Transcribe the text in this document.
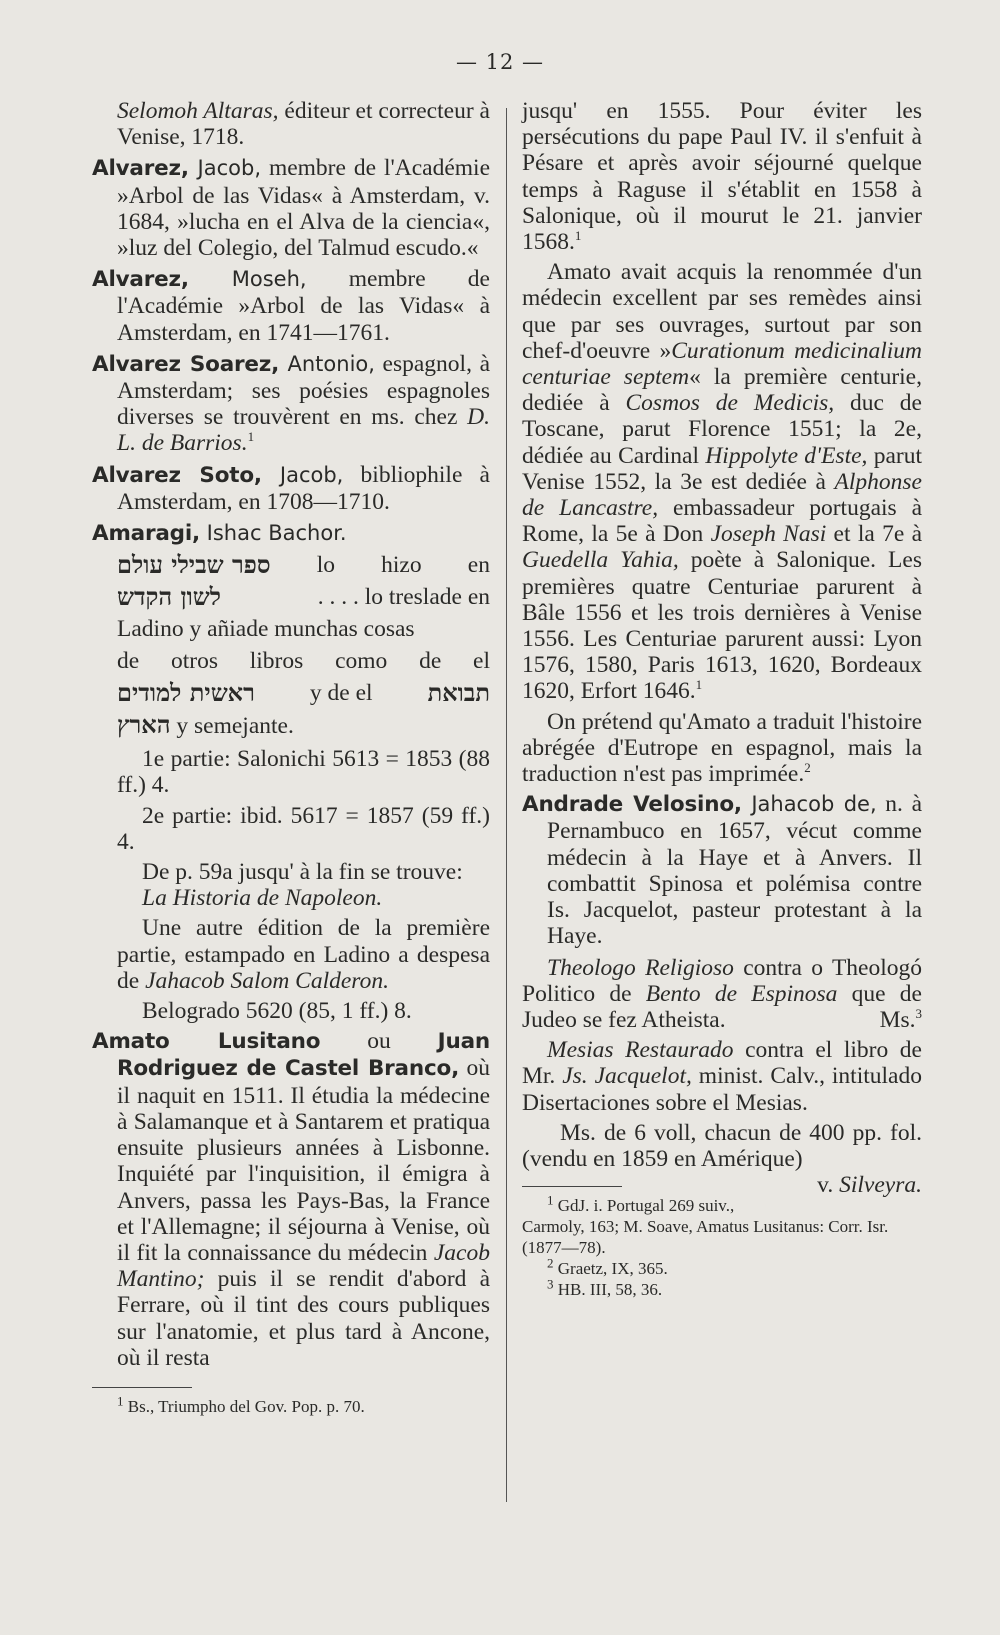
— 12 —

Selomoh Altaras, éditeur et correcteur à Venise, 1718.

Alvarez, Jacob, membre de l'Académie »Arbol de las Vidas« à Amsterdam, v. 1684, »lucha en el Alva de la ciencia«, »luz del Colegio, del Talmud escudo.«

Alvarez, Moseh, membre de l'Académie »Arbol de las Vidas« à Amsterdam, en 1741—1761.

Alvarez Soarez, Antonio, espagnol, à Amsterdam; ses poésies espagnoles diverses se trouvèrent en ms. chez D. L. de Barrios.$^1$

Alvarez Soto, Jacob, bibliophile à Amsterdam, en 1708—1710.

Amaragi, Ishac Bachor.

ספר שבילי עולם lo hizo en
לשון הקדש	. . . . lo treslade en
Ladino y añiade munchas cosas
de otros libros como de el
ראשית למודים y de el תבואת
הארץ y semejante.

1e partie: Salonichi 5613 = 1853 (88 ff.) 4.

2e partie: ibid. 5617 = 1857 (59 ff.) 4.

De p. 59a jusqu' à la fin se trouve:

La Historia de Napoleon.

Une autre édition de la première partie, estampado en Ladino a despesa de Jahacob Salom Calderon.

Belogrado 5620 (85, 1 ff.) 8.

Amato Lusitano ou Juan Rodriguez de Castel Branco, où il naquit en 1511. Il étudia la médecine à Salamanque et à Santarem et pratiqua ensuite plusieurs années à Lisbonne. Inquiété par l'inquisition, il émigra à Anvers, passa les Pays-Bas, la France et l'Allemagne; il séjourna à Venise, où il fit la connaissance du médecin Jacob Mantino; puis il se rendit d'abord à Ferrare, où il tint des cours publiques sur l'anatomie, et plus tard à Ancone, où il resta

$^1$ Bs., Triumpho del Gov. Pop. p. 70.

jusqu' en 1555. Pour éviter les persécutions du pape Paul IV. il s'enfuit à Pésare et après avoir séjourné quelque temps à Raguse il s'établit en 1558 à Salonique, où il mourut le 21. janvier 1568.$^1$

Amato avait acquis la renommée d'un médecin excellent par ses remèdes ainsi que par ses ouvrages, surtout par son chef-d'oeuvre »Curationum medicinalium centuriae septem« la première centurie, dediée à Cosmos de Medicis, duc de Toscane, parut Florence 1551; la 2e, dédiée au Cardinal Hippolyte d'Este, parut Venise 1552, la 3e est dediée à Alphonse de Lancastre, embassadeur portugais à Rome, la 5e à Don Joseph Nasi et la 7e à Guedella Yahia, poète à Salonique. Les premières quatre Centuriae parurent à Bâle 1556 et les trois dernières à Venise 1556. Les Centuriae parurent aussi: Lyon 1576, 1580, Paris 1613, 1620, Bordeaux 1620, Erfort 1646.$^1$

On prétend qu'Amato a traduit l'histoire abrégée d'Eutrope en espagnol, mais la traduction n'est pas imprimée.$^2$

Andrade Velosino, Jahacob de, n. à Pernambuco en 1657, vécut comme médecin à la Haye et à Anvers. Il combattit Spinosa et polémisa contre Is. Jacquelot, pasteur protestant à la Haye.

Theologo Religioso contra o Theologó Politico de Bento de Espinosa que de Judeo se fez Atheista.	Ms.$^3$

Mesias Restaurado contra el libro de Mr. Js. Jacquelot, minist. Calv., intitulado Disertaciones sobre el Mesias.

Ms. de 6 voll, chacun de 400 pp. fol. (vendu en 1859 en Amérique)
v. Silveyra.

$^1$ GdJ. i. Portugal 269 suiv., Carmoly, 163; M. Soave, Amatus Lusitanus: Corr. Isr. (1877—78).

$^2$ Graetz, IX, 365.

$^3$ HB. III, 58, 36.
